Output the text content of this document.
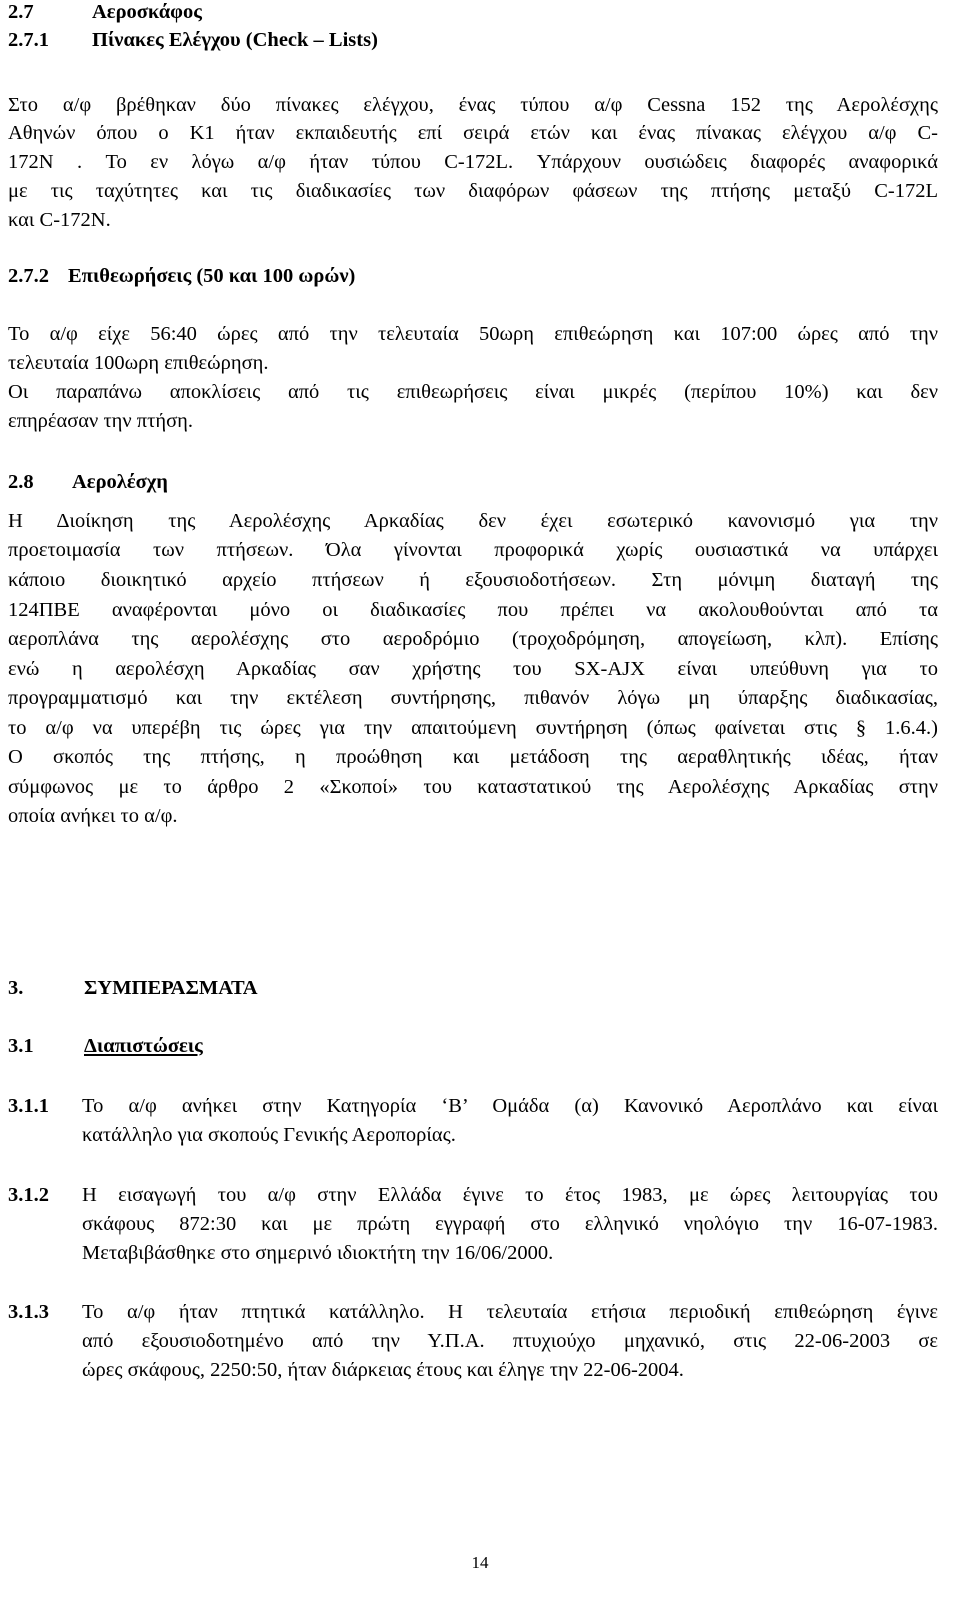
2.7	Αεροσκάφος
2.7.1 Πίνακες Ελέγχου (Check – Lists)
Στο α/φ βρέθηκαν δύο πίνακες ελέγχου, ένας τύπου α/φ Cessna 152 της Αερολέσχης
Αθηνών όπου ο Κ1 ήταν εκπαιδευτής επί σειρά ετών και ένας πίνακας ελέγχου α/φ C-
172N . Το εν λόγω α/φ ήταν τύπου C-172L. Υπάρχουν ουσιώδεις διαφορές αναφορικά
με τις ταχύτητες και τις διαδικασίες των διαφόρων φάσεων της πτήσης μεταξύ C-172L
και C-172N.
2.7.2 Επιθεωρήσεις (50 και 100 ωρών)
Το α/φ είχε 56:40 ώρες από την τελευταία 50ωρη επιθεώρηση και 107:00 ώρες από την
τελευταία 100ωρη επιθεώρηση.
Οι παραπάνω αποκλίσεις από τις επιθεωρήσεις είναι μικρές (περίπου 10%) και δεν
επηρέασαν την πτήση.
2.8 Αερολέσχη
Η Διοίκηση της Αερολέσχης Αρκαδίας δεν έχει εσωτερικό κανονισμό για την
προετοιμασία των πτήσεων. Όλα γίνονται προφορικά χωρίς ουσιαστικά να υπάρχει
κάποιο διοικητικό αρχείο πτήσεων ή εξουσιοδοτήσεων. Στη μόνιμη διαταγή της
124ΠΒΕ αναφέρονται μόνο οι διαδικασίες που πρέπει να ακολουθούνται από τα
αεροπλάνα της αερολέσχης στο αεροδρόμιο (τροχοδρόμηση, απογείωση, κλπ). Επίσης
ενώ η αερολέσχη Αρκαδίας σαν χρήστης του SX-AJX είναι υπεύθυνη για το
προγραμματισμό και την εκτέλεση συντήρησης, πιθανόν λόγω μη ύπαρξης διαδικασίας,
το α/φ να υπερέβη τις ώρες για την απαιτούμενη συντήρηση (όπως φαίνεται στις § 1.6.4.)
Ο σκοπός της πτήσης, η προώθηση και μετάδοση της αεραθλητικής ιδέας, ήταν
σύμφωνος με το άρθρο 2 «Σκοποί» του καταστατικού της Αερολέσχης Αρκαδίας στην
οποία ανήκει το α/φ.
3.	ΣΥΜΠΕΡΑΣΜΑΤΑ
3.1 Διαπιστώσεις
3.1.1	Το α/φ ανήκει στην Κατηγορία ‘Β’ Ομάδα (α) Κανονικό Αεροπλάνο και είναι
κατάλληλο για σκοπούς Γενικής Αεροπορίας.
3.1.2	Η εισαγωγή του α/φ στην Ελλάδα έγινε το έτος 1983, με ώρες λειτουργίας του
σκάφους 872:30 και με πρώτη εγγραφή στο ελληνικό νηολόγιο την 16-07-1983.
Μεταβιβάσθηκε στο σημερινό ιδιοκτήτη την 16/06/2000.
3.1.3	Το α/φ ήταν πτητικά κατάλληλο. Η τελευταία ετήσια περιοδική επιθεώρηση έγινε
από εξουσιοδοτημένο από την Υ.Π.Α. πτυχιούχο μηχανικό, στις 22-06-2003 σε
ώρες σκάφους, 2250:50, ήταν διάρκειας έτους και έληγε την 22-06-2004.
14
